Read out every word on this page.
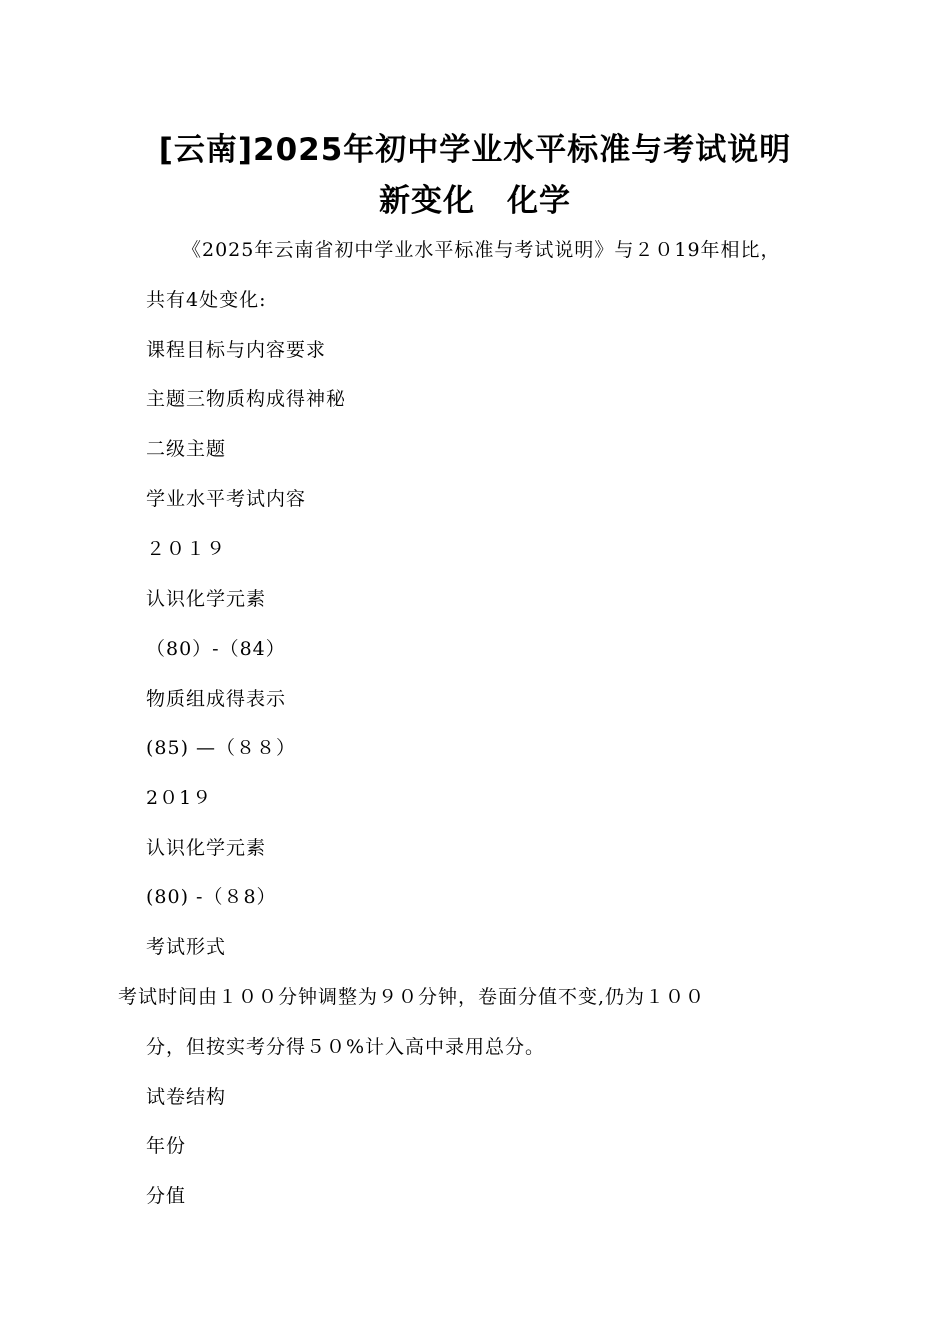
[云南]2025年初中学业水平标准与考试说明
新变化　化学
《2025年云南省初中学业水平标准与考试说明》与２０19年相比，
共有4处变化:
课程目标与内容要求
主题三物质构成得神秘
二级主题
学业水平考试内容
２０１９
认识化学元素
（80）-（84）
物质组成得表示
(85) —（８８）
2０1９
认识化学元素
(80) -（８8）
考试形式
考试时间由１００分钟调整为９０分钟，卷面分值不变,仍为１００
分，但按实考分得５０%计入高中录用总分。
试卷结构
年份
分值
